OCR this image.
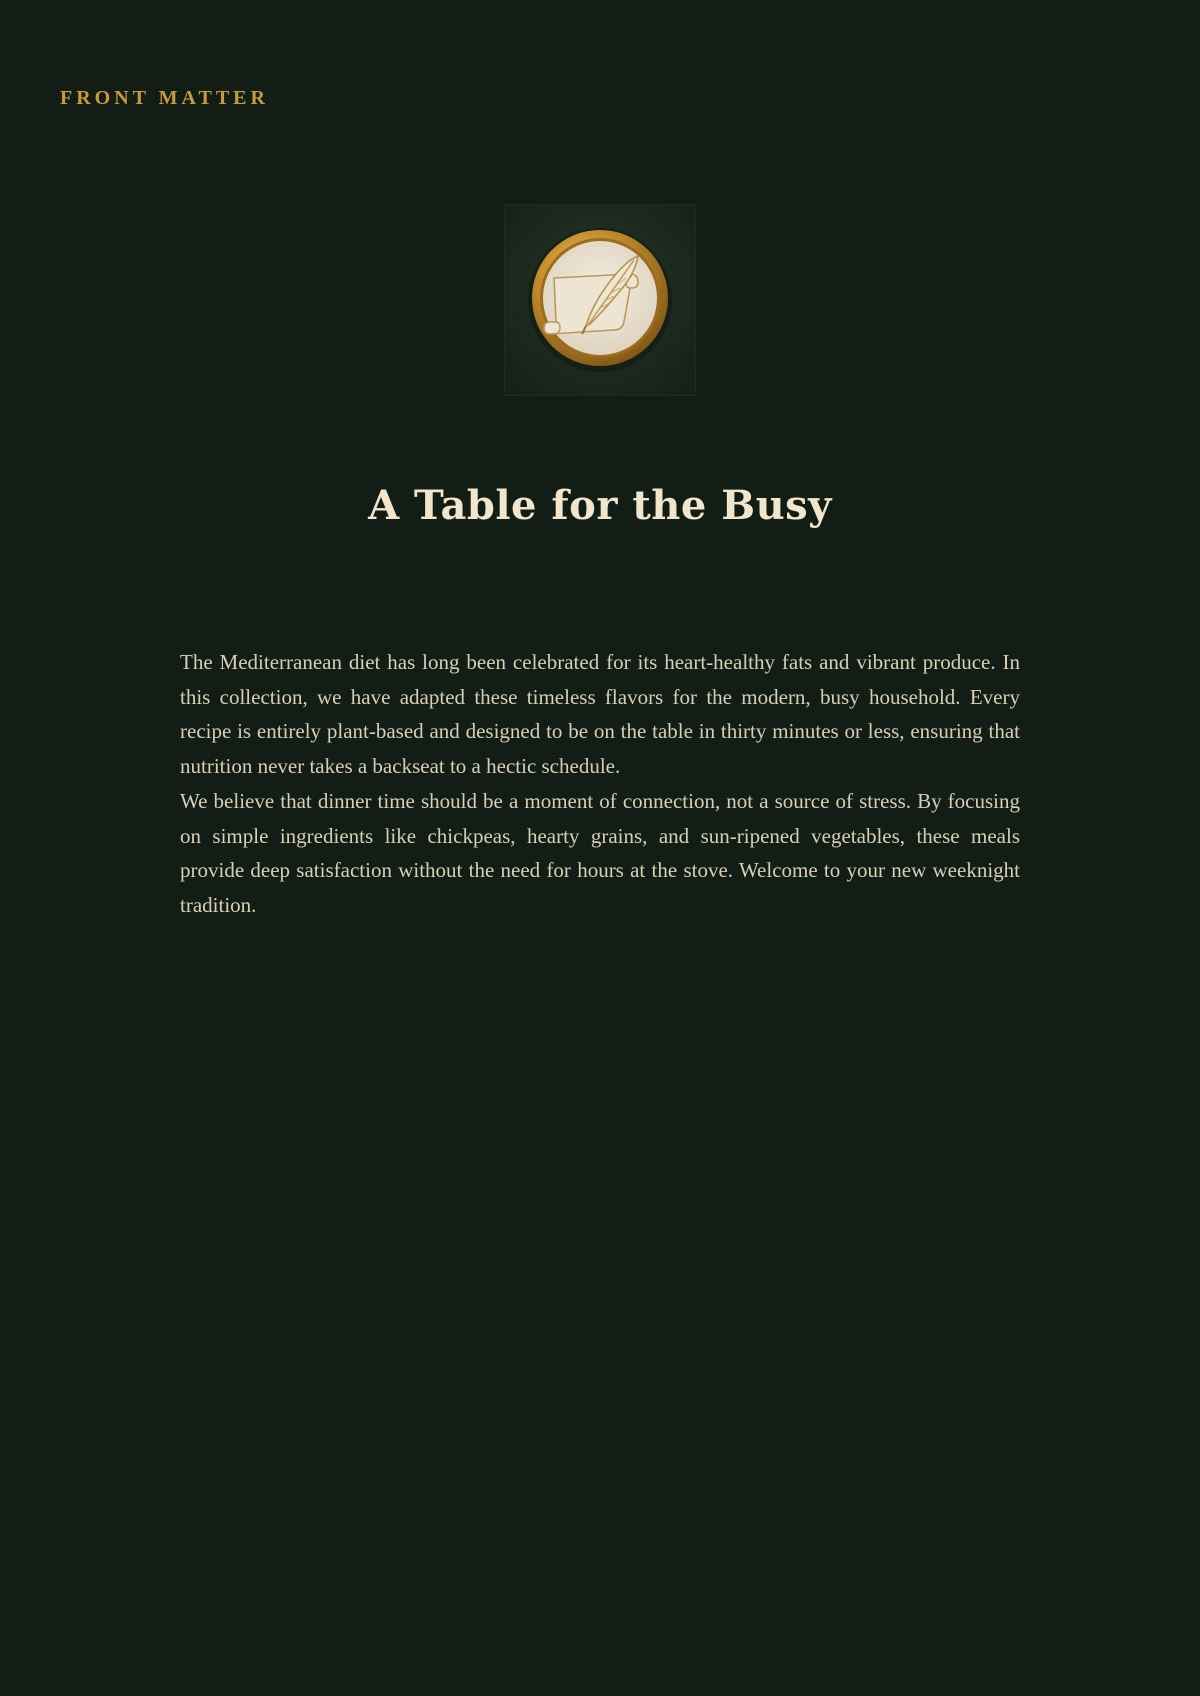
FRONT MATTER
A Table for the Busy

The Mediterranean diet has long been celebrated for its heart-healthy fats and vibrant produce. In this collection, we have adapted these timeless flavors for the modern, busy household. Every recipe is entirely plant-based and designed to be on the table in thirty minutes or less, ensuring that nutrition never takes a backseat to a hectic schedule.

We believe that dinner time should be a moment of connection, not a source of stress. By focusing on simple ingredients like chickpeas, hearty grains, and sun-ripened vegetables, these meals provide deep satisfaction without the need for hours at the stove. Welcome to your new weeknight tradition.
